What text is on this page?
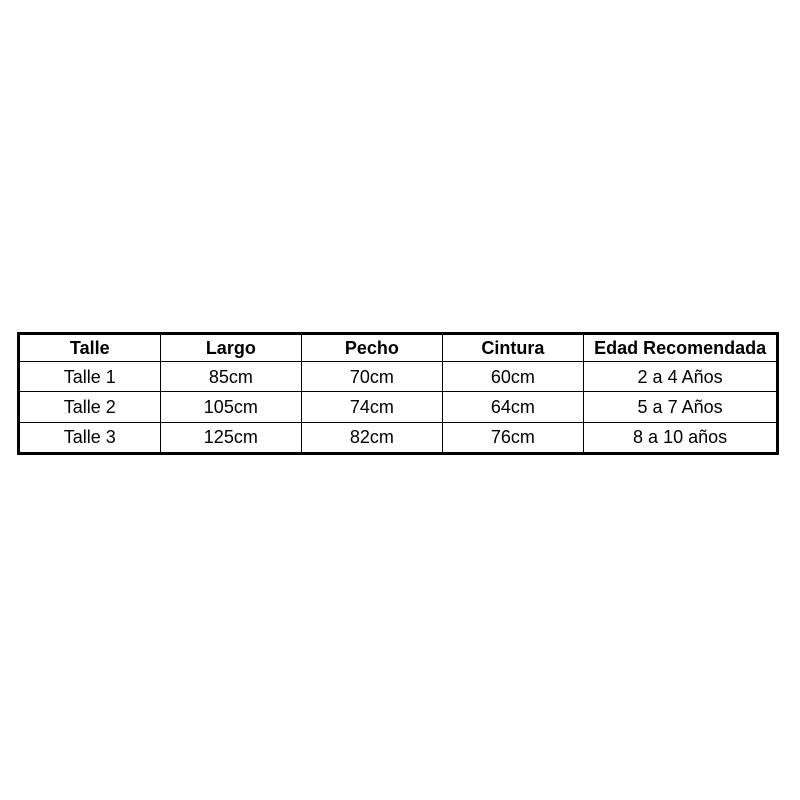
Talle	Largo	Pecho	Cintura	Edad Recomendada
Talle 1	85cm	70cm	60cm	2 a 4 Años
Talle 2	105cm	74cm	64cm	5 a 7 Años
Talle 3	125cm	82cm	76cm	8 a 10 años
